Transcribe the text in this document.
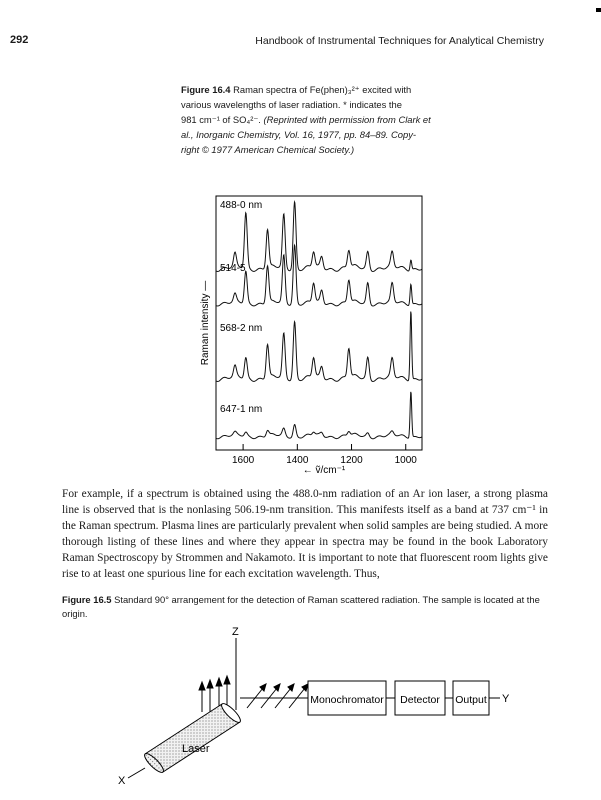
292	Handbook of Instrumental Techniques for Analytical Chemistry
Figure 16.4 Raman spectra of Fe(phen)₃²⁺ excited with
various wavelengths of laser radiation. * indicates the
981 cm⁻¹ of SO₄²⁻. (Reprinted with permission from Clark et
al., Inorganic Chemistry, Vol. 16, 1977, pp. 84–89. Copy-
right © 1977 American Chemical Society.)
1600	1400	1200	1000
488-0 nm
514-5
568-2 nm
647-1 nm
← ṽ/cm⁻¹
Raman intensity —
For example, if a spectrum is obtained using the 488.0-nm radiation of an Ar ion laser, a strong plasma line is observed that is the nonlasing 506.19-nm transition. This manifests itself as a band at 737 cm⁻¹ in the Raman spectrum. Plasma lines are particularly prevalent when solid samples are being studied. A more thorough listing of these lines and where they appear in spectra may be found in the book Laboratory Raman Spectroscopy by Strommen and Nakamoto. It is important to note that fluorescent room lights give rise to at least one spurious line for each excitation wavelength. Thus,
Figure 16.5 Standard 90° arrangement for the detection of Raman scattered radiation. The sample is located at the origin.
Z
Monochromator Detector Output Y
X
Laser
